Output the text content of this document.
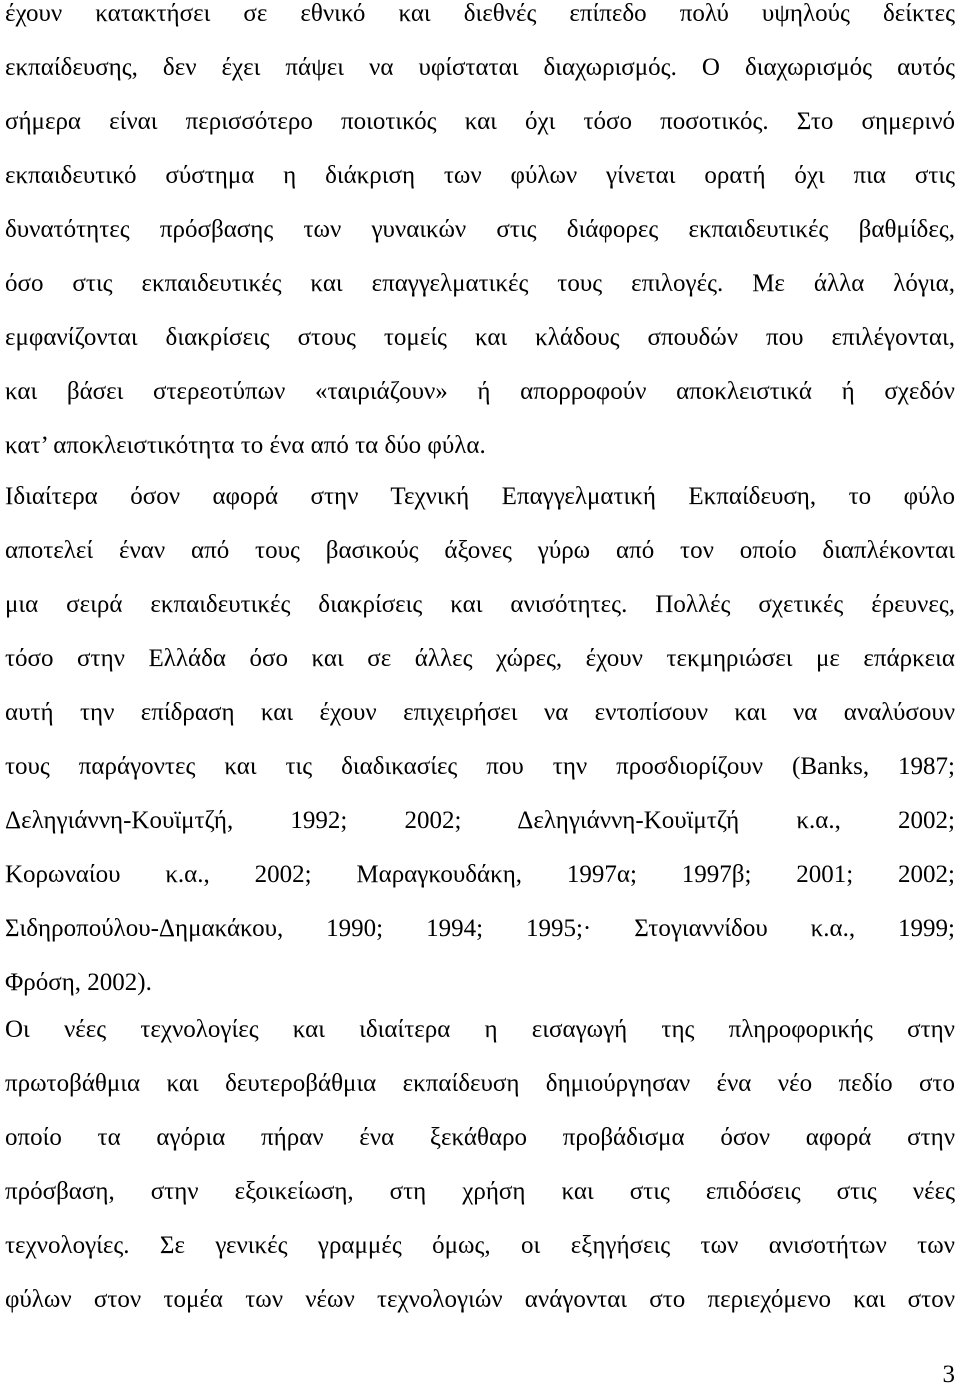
έχουν κατακτήσει σε εθνικό και διεθνές επίπεδο πολύ υψηλούς δείκτες
εκπαίδευσης, δεν έχει πάψει να υφίσταται διαχωρισμός. Ο διαχωρισμός αυτός
σήμερα είναι περισσότερο ποιοτικός και όχι τόσο ποσοτικός. Στο σημερινό
εκπαιδευτικό σύστημα η διάκριση των φύλων γίνεται ορατή όχι πια στις
δυνατότητες πρόσβασης των γυναικών στις διάφορες εκπαιδευτικές βαθμίδες,
όσο στις εκπαιδευτικές και επαγγελματικές τους επιλογές. Με άλλα λόγια,
εμφανίζονται διακρίσεις στους τομείς και κλάδους σπουδών που επιλέγονται,
και βάσει στερεοτύπων «ταιριάζουν» ή απορροφούν αποκλειστικά ή σχεδόν
κατ’ αποκλειστικότητα το ένα από τα δύο φύλα.
Ιδιαίτερα όσον αφορά στην Τεχνική Επαγγελματική Εκπαίδευση, το φύλο
αποτελεί έναν από τους βασικούς άξονες γύρω από τον οποίο διαπλέκονται
μια σειρά εκπαιδευτικές διακρίσεις και ανισότητες. Πολλές σχετικές έρευνες,
τόσο στην Ελλάδα όσο και σε άλλες χώρες, έχουν τεκμηριώσει με επάρκεια
αυτή την επίδραση και έχουν επιχειρήσει να εντοπίσουν και να αναλύσουν
τους παράγοντες και τις διαδικασίες που την προσδιορίζουν (Banks, 1987;
Δεληγιάννη-Κουϊμτζή, 1992; 2002; Δεληγιάννη-Κουϊμτζή κ.α., 2002;
Κορωναίου κ.α., 2002; Μαραγκουδάκη, 1997α; 1997β; 2001; 2002;
Σιδηροπούλου-Δημακάκου, 1990; 1994; 1995;· Στογιαννίδου κ.α., 1999;
Φρόση, 2002).
Οι νέες τεχνολογίες και ιδιαίτερα η εισαγωγή της πληροφορικής στην
πρωτοβάθμια και δευτεροβάθμια εκπαίδευση δημιούργησαν ένα νέο πεδίο στο
οποίο τα αγόρια πήραν ένα ξεκάθαρο προβάδισμα όσον αφορά στην
πρόσβαση, στην εξοικείωση, στη χρήση και στις επιδόσεις στις νέες
τεχνολογίες. Σε γενικές γραμμές όμως, οι εξηγήσεις των ανισοτήτων των
φύλων στον τομέα των νέων τεχνολογιών ανάγονται στο περιεχόμενο και στον
3
